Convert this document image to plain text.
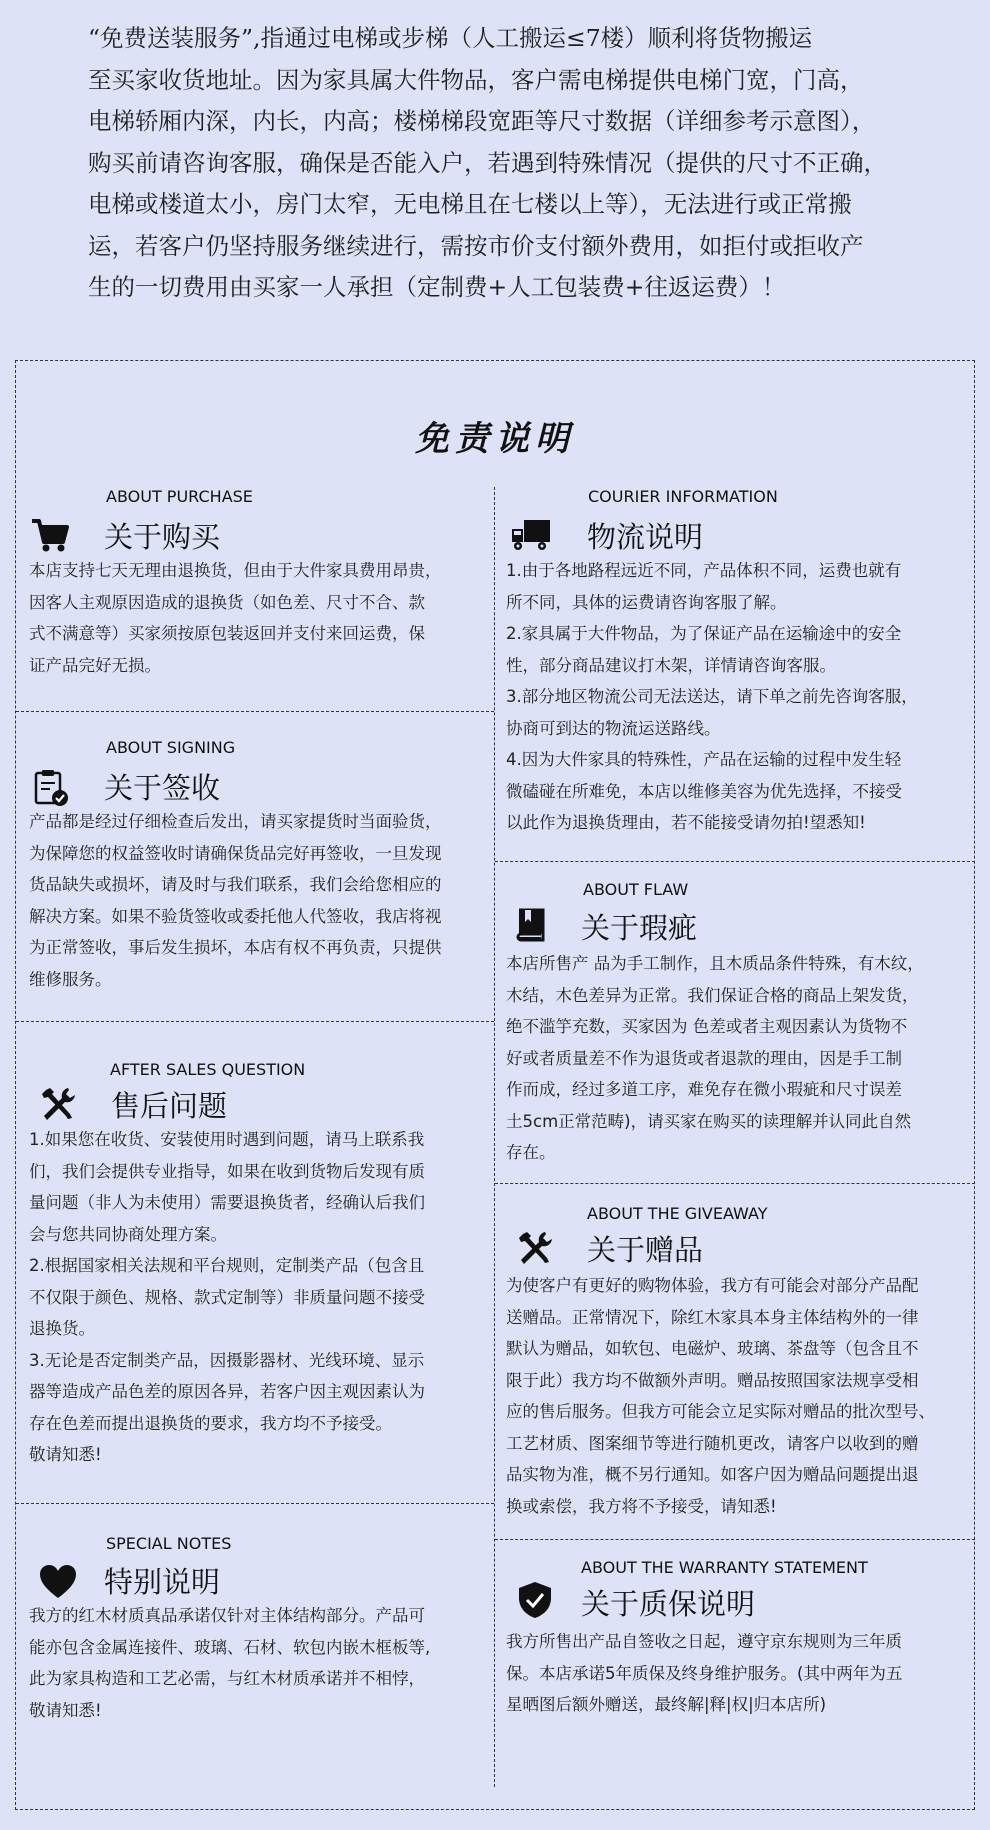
“免费送装服务”,指通过电梯或步梯（人工搬运≤7楼）顺利将货物搬运

至买家收货地址。因为家具属大件物品，客户需电梯提供电梯门宽，门高，

电梯轿厢内深，内长，内高；楼梯梯段宽距等尺寸数据（详细参考示意图），

购买前请咨询客服，确保是否能入户，若遇到特殊情况（提供的尺寸不正确，

电梯或楼道太小，房门太窄，无电梯且在七楼以上等），无法进行或正常搬

运，若客户仍坚持服务继续进行，需按市价支付额外费用，如拒付或拒收产

生的一切费用由买家一人承担（定制费+人工包装费+往返运费）！

免责说明
ABOUT PURCHASE
关于购买

本店支持七天无理由退换货，但由于大件家具费用昂贵，

因客人主观原因造成的退换货（如色差、尺寸不合、款

式不满意等）买家须按原包装返回并支付来回运费，保

证产品完好无损。

ABOUT SIGNING
关于签收

产品都是经过仔细检查后发出，请买家提货时当面验货，

为保障您的权益签收时请确保货品完好再签收，一旦发现

货品缺失或损坏，请及时与我们联系，我们会给您相应的

解决方案。如果不验货签收或委托他人代签收，我店将视

为正常签收，事后发生损坏，本店有权不再负责，只提供

维修服务。

AFTER SALES QUESTION
售后问题

1.如果您在收货、安装使用时遇到问题，请马上联系我

们，我们会提供专业指导，如果在收到货物后发现有质

量问题（非人为未使用）需要退换货者，经确认后我们

会与您共同协商处理方案。

2.根据国家相关法规和平台规则，定制类产品（包含且

不仅限于颜色、规格、款式定制等）非质量问题不接受

退换货。

3.无论是否定制类产品，因摄影器材、光线环境、显示

器等造成产品色差的原因各异，若客户因主观因素认为

存在色差而提出退换货的要求，我方均不予接受。

敬请知悉!

SPECIAL NOTES
特别说明

我方的红木材质真品承诺仅针对主体结构部分。产品可

能亦包含金属连接件、玻璃、石材、软包内嵌木框板等,

此为家具构造和工艺必需，与红木材质承诺并不相悖，

敬请知悉!

COURIER INFORMATION
物流说明

1.由于各地路程远近不同，产品体积不同，运费也就有

所不同，具体的运费请咨询客服了解。

2.家具属于大件物品，为了保证产品在运输途中的安全

性，部分商品建议打木架，详情请咨询客服。

3.部分地区物流公司无法送达，请下单之前先咨询客服，

协商可到达的物流运送路线。

4.因为大件家具的特殊性，产品在运输的过程中发生轻

微磕碰在所难免，本店以维修美容为优先选择，不接受

以此作为退换货理由，若不能接受请勿拍!望悉知!

ABOUT FLAW
关于瑕疵

本店所售产 品为手工制作，且木质品条件特殊，有木纹，

木结，木色差异为正常。我们保证合格的商品上架发货，

绝不滥竽充数，买家因为 色差或者主观因素认为货物不

好或者质量差不作为退货或者退款的理由，因是手工制

作而成，经过多道工序，难免存在微小瑕疵和尺寸误差

土5cm正常范畴)，请买家在购买的读理解并认同此自然

存在。

ABOUT THE GIVEAWAY
关于赠品

为使客户有更好的购物体验，我方有可能会对部分产品配

送赠品。正常情况下，除红木家具本身主体结构外的一律

默认为赠品，如软包、电磁炉、玻璃、茶盘等（包含且不

限于此）我方均不做额外声明。赠品按照国家法规享受相

应的售后服务。但我方可能会立足实际对赠品的批次型号、

工艺材质、图案细节等进行随机更改，请客户以收到的赠

品实物为准，概不另行通知。如客户因为赠品问题提出退

换或索偿，我方将不予接受，请知悉!

ABOUT THE WARRANTY STATEMENT
关于质保说明

我方所售出产品自签收之日起，遵守京东规则为三年质

保。本店承诺5年质保及终身维护服务。(其中两年为五

星晒图后额外赠送，最终解|释|权|归本店所)
